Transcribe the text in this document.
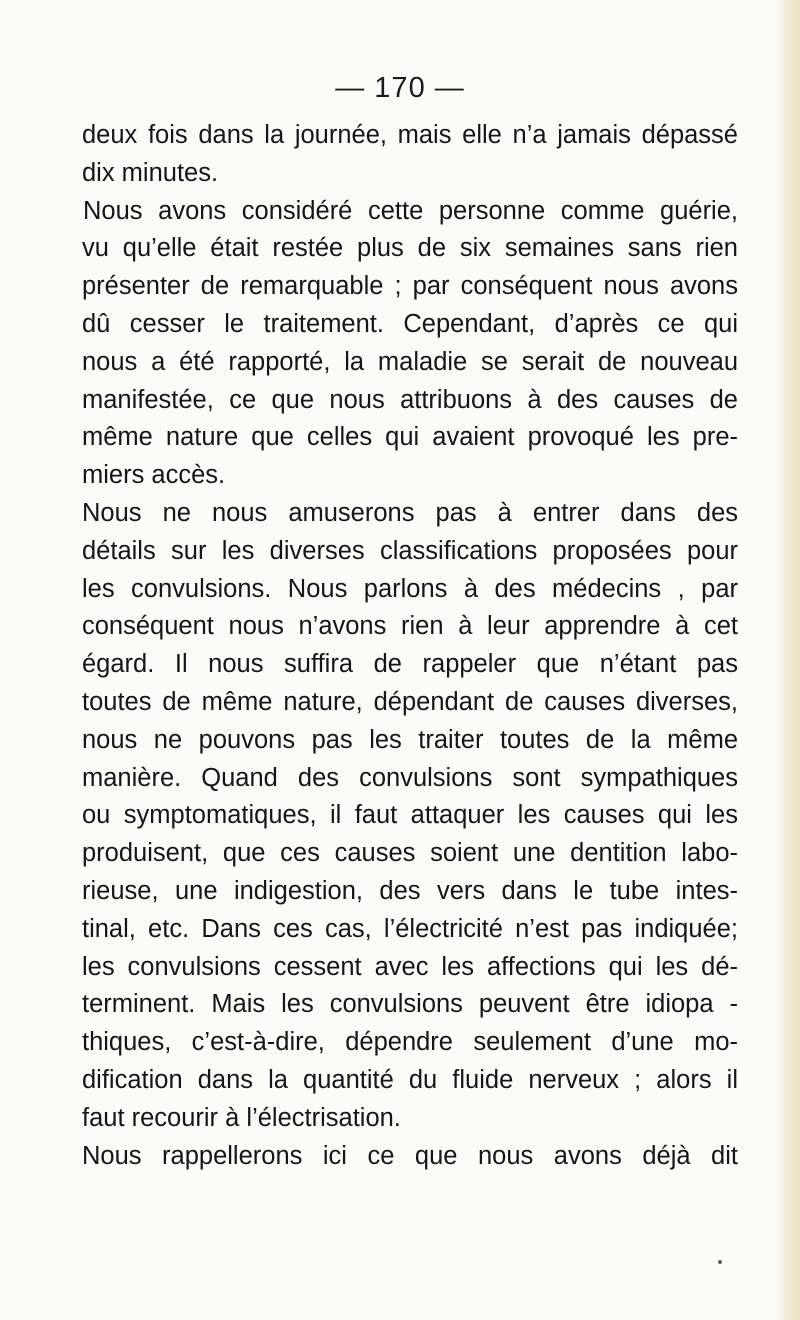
— 170 —
deux fois dans la journée, mais elle n’a jamais dépassé
dix minutes.
Nous avons considéré cette personne comme guérie,
vu qu’elle était restée plus de six semaines sans rien
présenter de remarquable ; par conséquent nous avons
dû cesser le traitement. Cependant, d’après ce qui
nous a été rapporté, la maladie se serait de nouveau
manifestée, ce que nous attribuons à des causes de
même nature que celles qui avaient provoqué les pre-
miers accès.
Nous ne nous amuserons pas à entrer dans des
détails sur les diverses classifications proposées pour
les convulsions. Nous parlons à des médecins , par
conséquent nous n’avons rien à leur apprendre à cet
égard. Il nous suffira de rappeler que n’étant pas
toutes de même nature, dépendant de causes diverses,
nous ne pouvons pas les traiter toutes de la même
manière. Quand des convulsions sont sympathiques
ou symptomatiques, il faut attaquer les causes qui les
produisent, que ces causes soient une dentition labo-
rieuse, une indigestion, des vers dans le tube intes-
tinal, etc. Dans ces cas, l’électricité n’est pas indiquée;
les convulsions cessent avec les affections qui les dé-
terminent. Mais les convulsions peuvent être idiopa -
thiques, c’est-à-dire, dépendre seulement d’une mo-
dification dans la quantité du fluide nerveux ; alors il
faut recourir à l’électrisation.
Nous rappellerons ici ce que nous avons déjà dit
